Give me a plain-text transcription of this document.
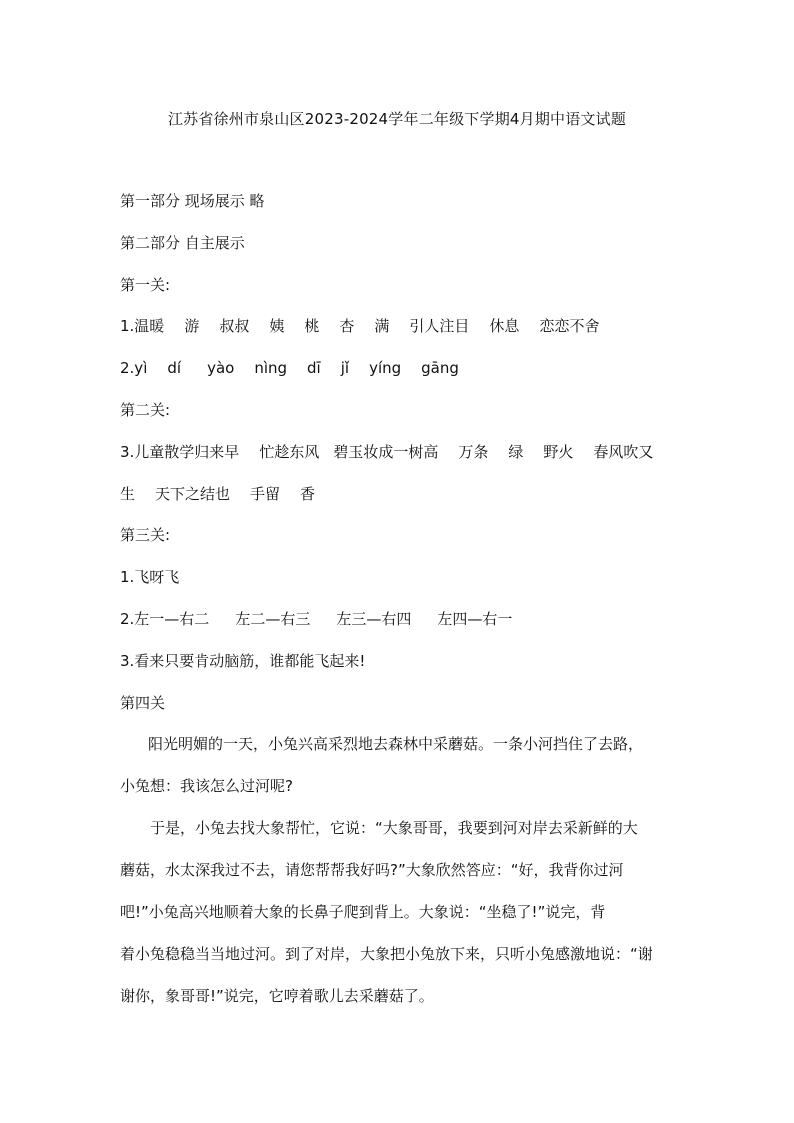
江苏省徐州市泉山区2023-2024学年二年级下学期4月期中语文试题
第一部分 现场展示 略
第二部分 自主展示
第一关:
1.温暖 游 叔叔 姨 桃 杏 满 引人注目 休息 恋恋不舍
2.yì dí yào nìng dī jǐ yíng gāng
第二关:
3.儿童散学归来早 忙趁东风 碧玉妆成一树高 万条 绿 野火 春风吹又
生 天下之结也 手留 香
第三关:
1.飞呀飞
2.左一—右二 左二—右三 左三—右四 左四—右一
3.看来只要肯动脑筋，谁都能飞起来!
第四关
阳光明媚的一天，小兔兴高采烈地去森林中采蘑菇。一条小河挡住了去路，
小兔想：我该怎么过河呢?
于是，小兔去找大象帮忙，它说：“大象哥哥，我要到河对岸去采新鲜的大
蘑菇，水太深我过不去，请您帮帮我好吗?”大象欣然答应：“好，我背你过河
吧!”小兔高兴地顺着大象的长鼻子爬到背上。大象说：“坐稳了!”说完，背
着小兔稳稳当当地过河。到了对岸，大象把小兔放下来，只听小兔感激地说：“谢
谢你，象哥哥!”说完，它哼着歌儿去采蘑菇了。
